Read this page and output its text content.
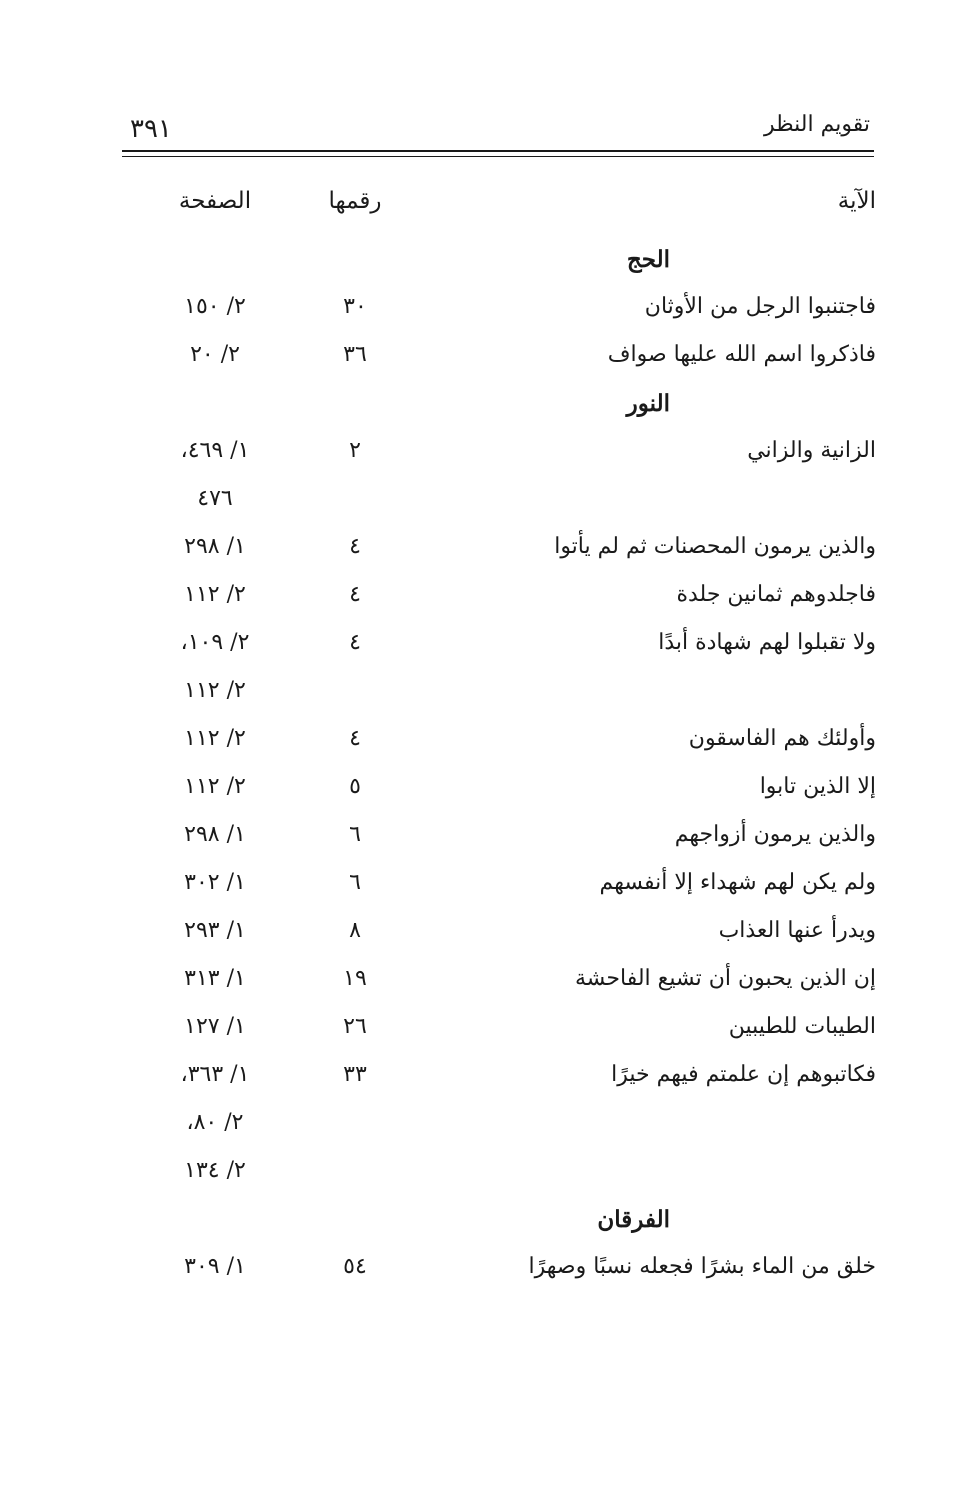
تقويم النظر
٣٩١
الآية
رقمها
الصفحة
الحج
فاجتنبوا الرجل من الأوثان
٣٠
٢/ ١٥٠
فاذكروا اسم الله عليها صواف
٣٦
٢/ ٢٠
النور
الزانية والزاني
٢
١/ ٤٦٩،
٤٧٦
والذين يرمون المحصنات ثم لم يأتوا
٤
١/ ٢٩٨
فاجلدوهم ثمانين جلدة
٤
٢/ ١١٢
ولا تقبلوا لهم شهادة أبدًا
٤
٢/ ١٠٩،
٢/ ١١٢
وأولئك هم الفاسقون
٤
٢/ ١١٢
إلا الذين تابوا
٥
٢/ ١١٢
والذين يرمون أزواجهم
٦
١/ ٢٩٨
ولم يكن لهم شهداء إلا أنفسهم
٦
١/ ٣٠٢
ويدرأ عنها العذاب
٨
١/ ٢٩٣
إن الذين يحبون أن تشيع الفاحشة
١٩
١/ ٣١٣
الطيبات للطيبين
٢٦
١/ ١٢٧
فكاتبوهم إن علمتم فيهم خيرًا
٣٣
١/ ٣٦٣،
٢/ ٨٠،
٢/ ١٣٤
الفرقان
خلق من الماء بشرًا فجعله نسبًا وصهرًا
٥٤
١/ ٣٠٩
